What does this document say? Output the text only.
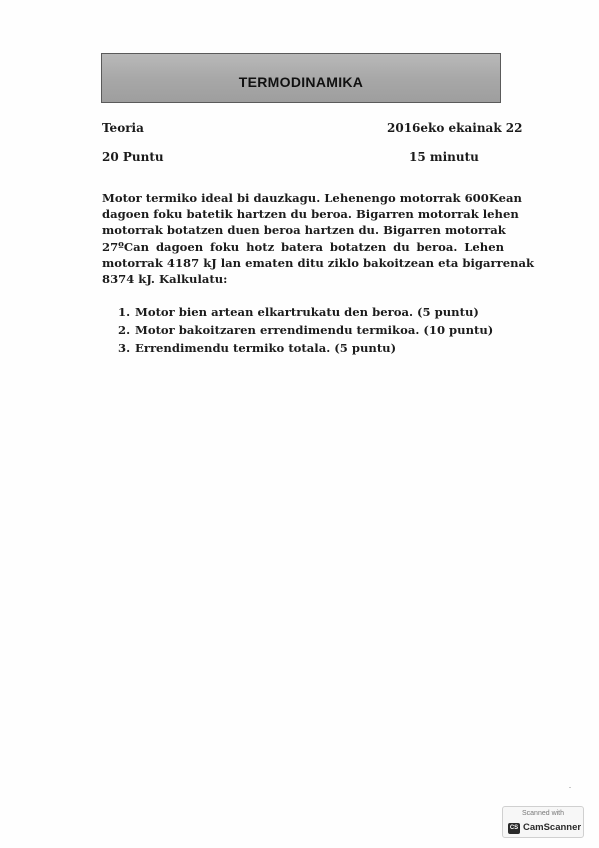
TERMODINAMIKA
Teoria	2016eko ekainak 22
20 Puntu	15 minutu
Motor termiko ideal bi dauzkagu. Lehenengo motorrak 600Kean
dagoen foku batetik hartzen du beroa. Bigarren motorrak lehen
motorrak botatzen duen beroa hartzen du. Bigarren motorrak
27ºCan dagoen foku hotz batera botatzen du beroa. Lehen
motorrak 4187 kJ lan ematen ditu ziklo bakoitzean eta bigarrenak
8374 kJ. Kalkulatu:
1. Motor bien artean elkartrukatu den beroa. (5 puntu)
2. Motor bakoitzaren errendimendu termikoa. (10 puntu)
3. Errendimendu termiko totala. (5 puntu)
Scanned with
CS CamScanner
